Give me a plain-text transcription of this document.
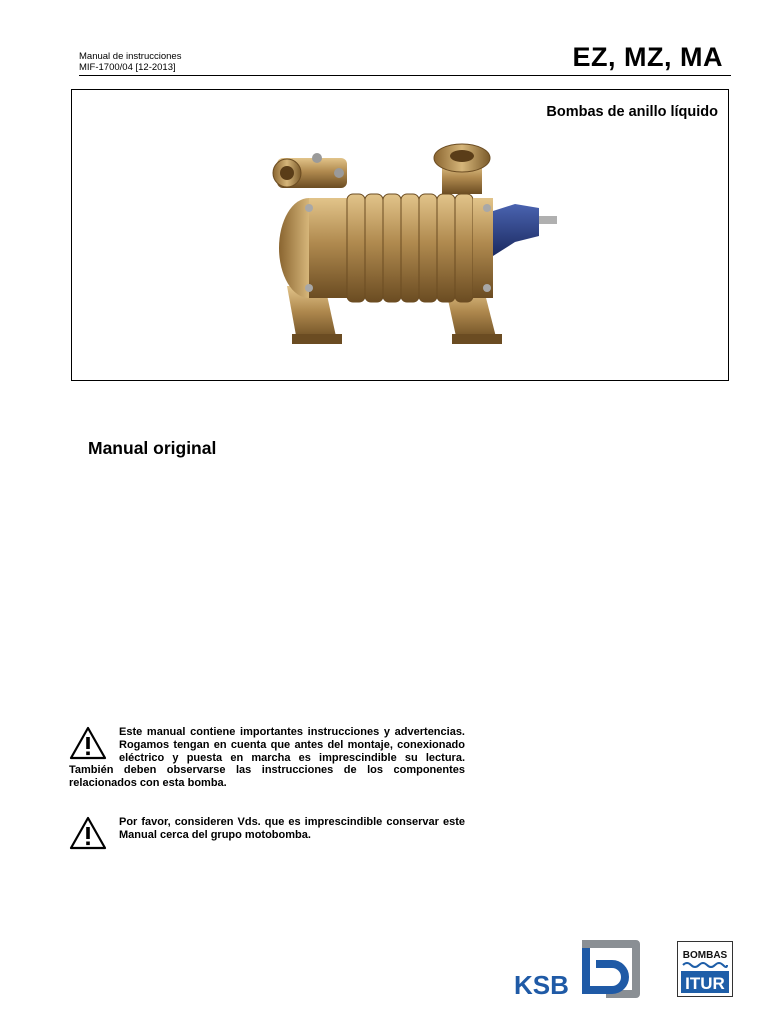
Manual de instrucciones
MIF-1700/04 [12-2013]	EZ, MZ, MA
Bombas de anillo líquido
Manual original
Este manual contiene importantes instrucciones y advertencias. Rogamos tengan en cuenta que antes del montaje, conexionado eléctrico y puesta en marcha es imprescindible su lectura. También deben observarse las instrucciones de los componentes relacionados con esta bomba.
Por favor, consideren Vds. que es imprescindible conservar este Manual cerca del grupo motobomba.
KSB
BOMBAS
ITUR
